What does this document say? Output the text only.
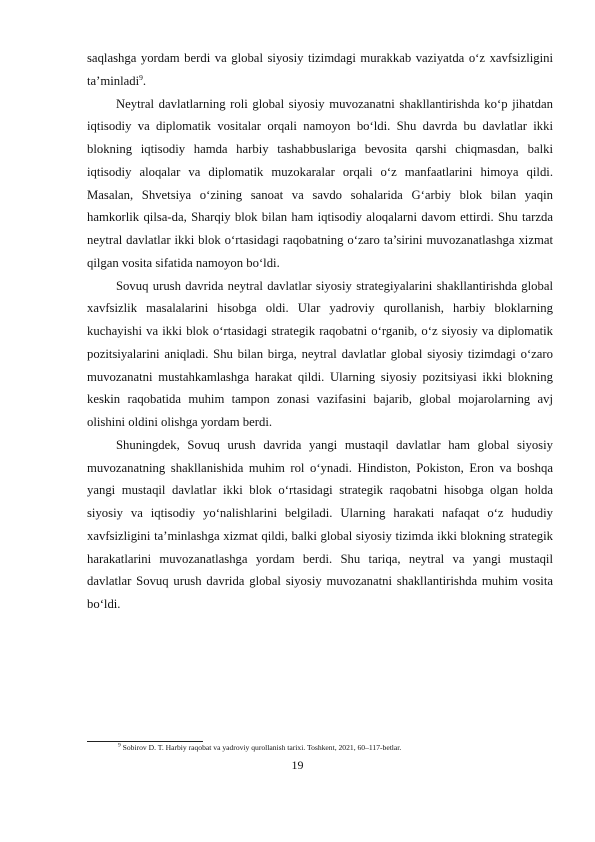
saqlashga yordam berdi va global siyosiy tizimdagi murakkab vaziyatda o‘z xavfsizligini ta’minladi$^9$.

Neytral davlatlarning roli global siyosiy muvozanatni shakllantirishda ko‘p jihatdan iqtisodiy va diplomatik vositalar orqali namoyon bo‘ldi. Shu davrda bu davlatlar ikki blokning iqtisodiy hamda harbiy tashabbuslariga bevosita qarshi chiqmasdan, balki iqtisodiy aloqalar va diplomatik muzokaralar orqali o‘z manfaatlarini himoya qildi. Masalan, Shvetsiya o‘zining sanoat va savdo sohalarida G‘arbiy blok bilan yaqin hamkorlik qilsa-da, Sharqiy blok bilan ham iqtisodiy aloqalarni davom ettirdi. Shu tarzda neytral davlatlar ikki blok o‘rtasidagi raqobatning o‘zaro ta’sirini muvozanatlashga xizmat qilgan vosita sifatida namoyon bo‘ldi.

Sovuq urush davrida neytral davlatlar siyosiy strategiyalarini shakllantirishda global xavfsizlik masalalarini hisobga oldi. Ular yadroviy qurollanish, harbiy bloklarning kuchayishi va ikki blok o‘rtasidagi strategik raqobatni o‘rganib, o‘z siyosiy va diplomatik pozitsiyalarini aniqladi. Shu bilan birga, neytral davlatlar global siyosiy tizimdagi o‘zaro muvozanatni mustahkamlashga harakat qildi. Ularning siyosiy pozitsiyasi ikki blokning keskin raqobatida muhim tampon zonasi vazifasini bajarib, global mojarolarning avj olishini oldini olishga yordam berdi.

Shuningdek, Sovuq urush davrida yangi mustaqil davlatlar ham global siyosiy muvozanatning shakllanishida muhim rol o‘ynadi. Hindiston, Pokiston, Eron va boshqa yangi mustaqil davlatlar ikki blok o‘rtasidagi strategik raqobatni hisobga olgan holda siyosiy va iqtisodiy yo‘nalishlarini belgiladi. Ularning harakati nafaqat o‘z hududiy xavfsizligini ta’minlashga xizmat qildi, balki global siyosiy tizimda ikki blokning strategik harakatlarini muvozanatlashga yordam berdi. Shu tariqa, neytral va yangi mustaqil davlatlar Sovuq urush davrida global siyosiy muvozanatni shakllantirishda muhim vosita bo‘ldi.

$^9$ Sobirov D. T. Harbiy raqobat va yadroviy qurollanish tarixi. Toshkent, 2021, 60–117-betlar.
19
